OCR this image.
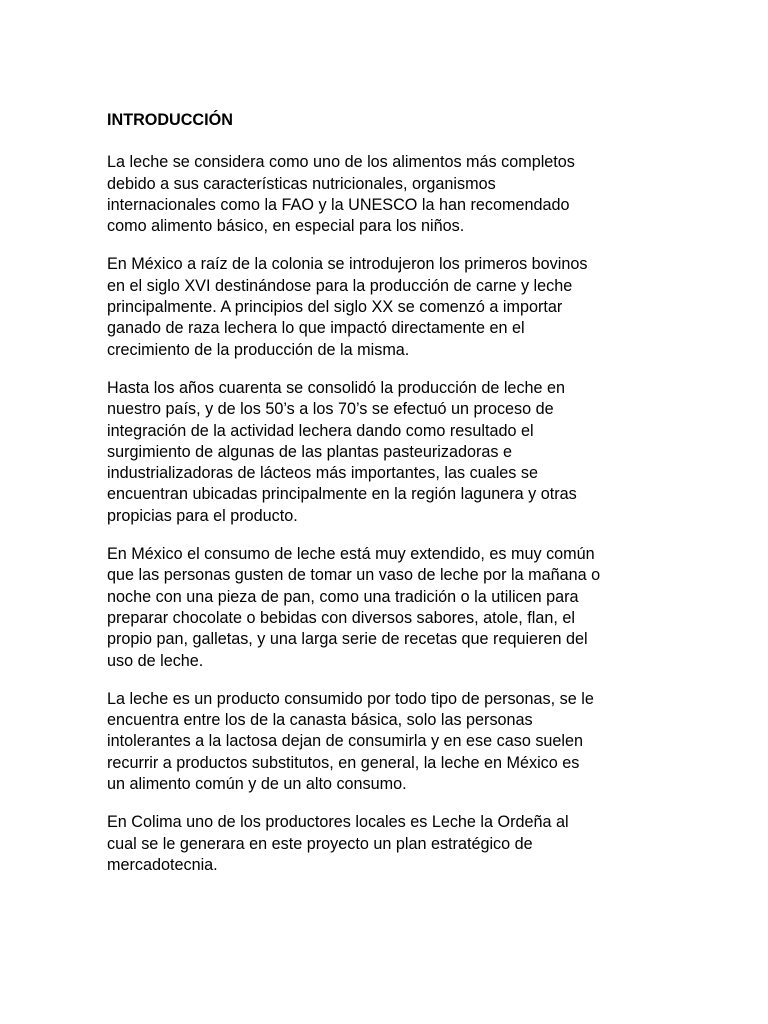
INTRODUCCIÓN
La leche se considera como uno de los alimentos más completos
debido a sus características nutricionales, organismos
internacionales como la FAO y la UNESCO la han recomendado
como alimento básico, en especial para los niños.
En México a raíz de la colonia se introdujeron los primeros bovinos
en el siglo XVI destinándose para la producción de carne y leche
principalmente. A principios del siglo XX se comenzó a importar
ganado de raza lechera lo que impactó directamente en el
crecimiento de la producción de la misma.
Hasta los años cuarenta se consolidó la producción de leche en
nuestro país, y de los 50’s a los 70’s se efectuó un proceso de
integración de la actividad lechera dando como resultado el
surgimiento de algunas de las plantas pasteurizadoras e
industrializadoras de lácteos más importantes, las cuales se
encuentran ubicadas principalmente en la región lagunera y otras
propicias para el producto.
En México el consumo de leche está muy extendido, es muy común
que las personas gusten de tomar un vaso de leche por la mañana o
noche con una pieza de pan, como una tradición o la utilicen para
preparar chocolate o bebidas con diversos sabores, atole, flan, el
propio pan, galletas, y una larga serie de recetas que requieren del
uso de leche.
La leche es un producto consumido por todo tipo de personas, se le
encuentra entre los de la canasta básica, solo las personas
intolerantes a la lactosa dejan de consumirla y en ese caso suelen
recurrir a productos substitutos, en general, la leche en México es
un alimento común y de un alto consumo.
En Colima uno de los productores locales es Leche la Ordeña al
cual se le generara en este proyecto un plan estratégico de
mercadotecnia.
